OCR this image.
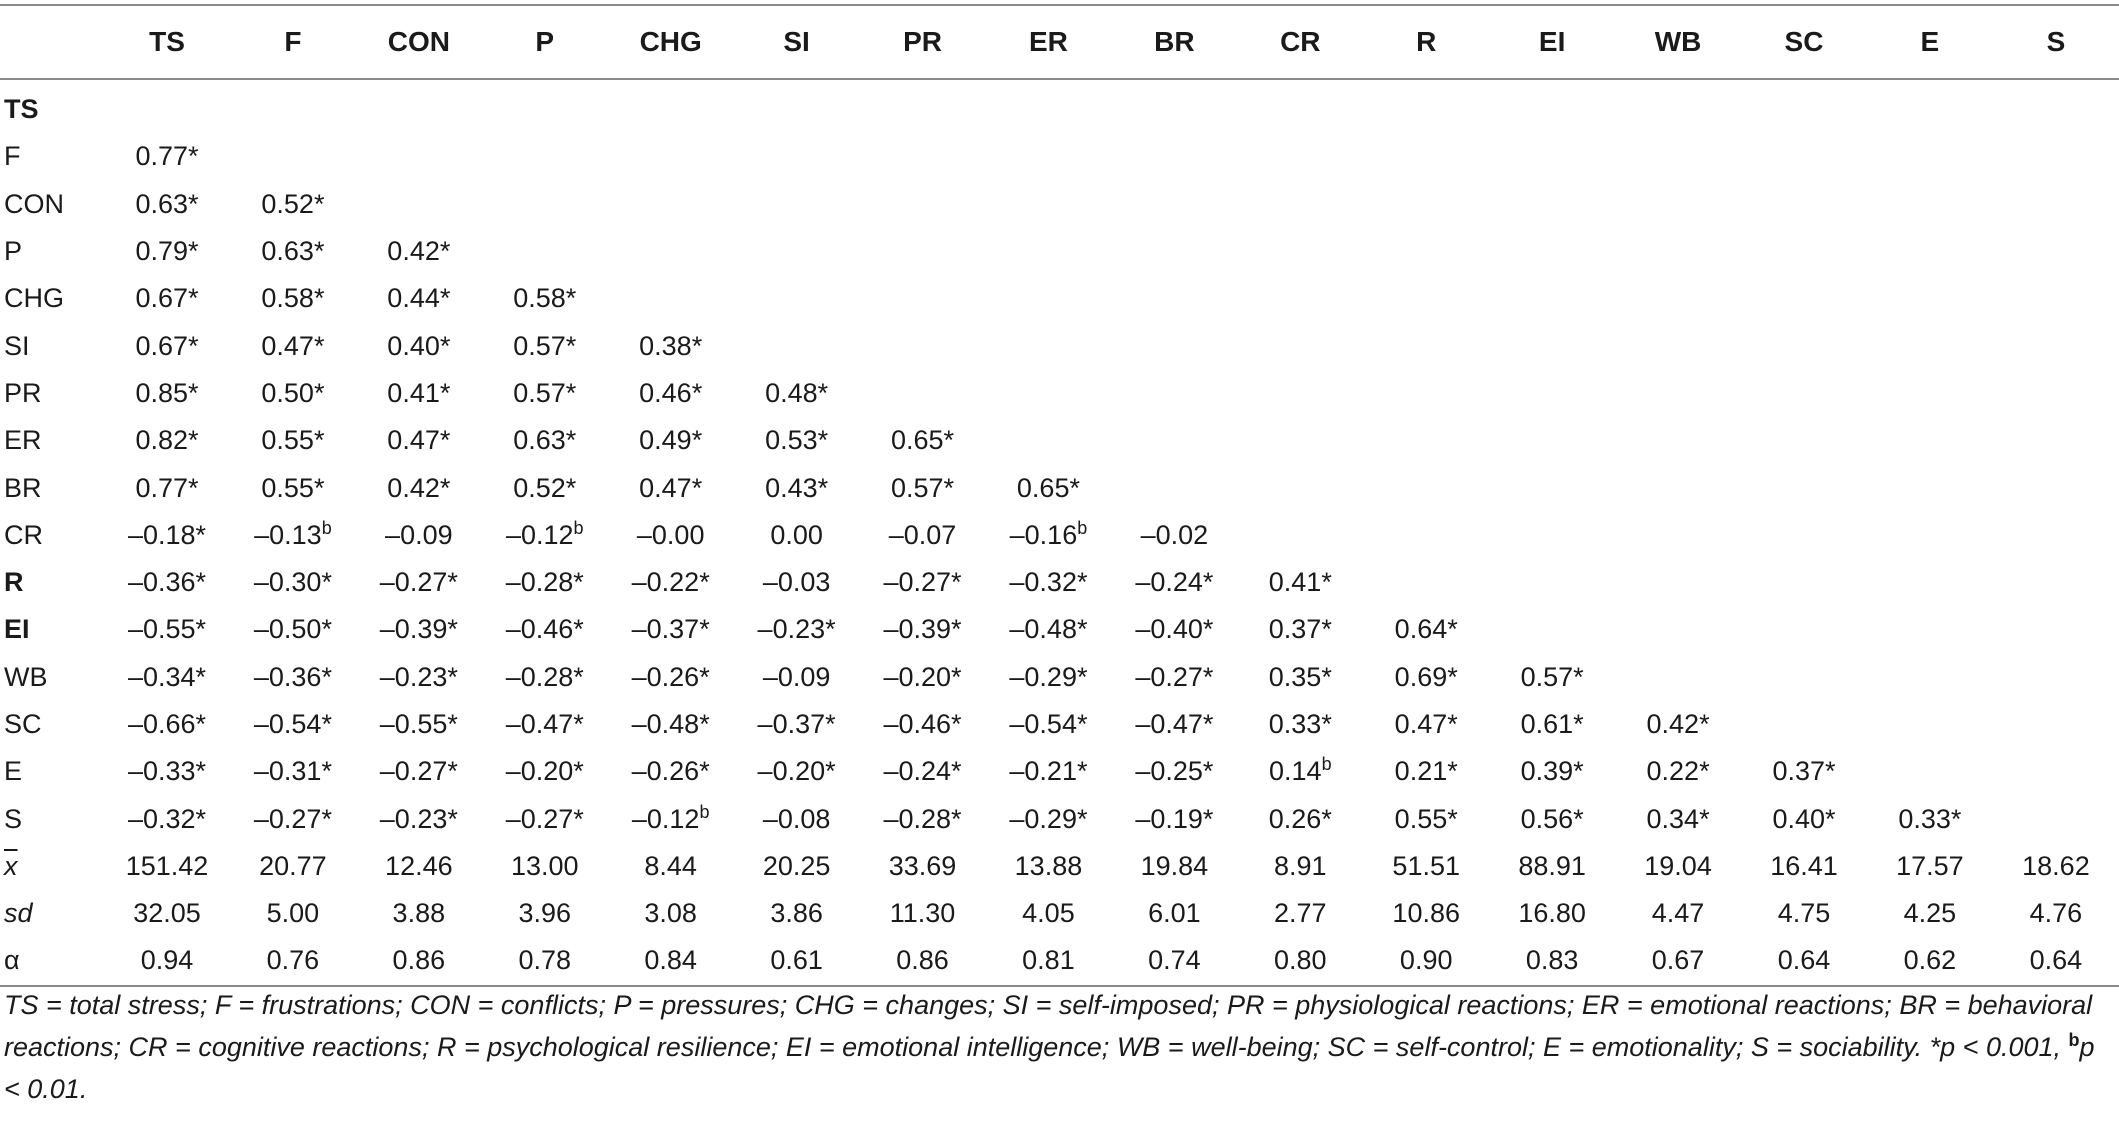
	TS	F	CON	P	CHG	SI	PR	ER	BR	CR	R	EI	WB	SC	E	S
TS																
F	0.77*															
CON	0.63*	0.52*														
P	0.79*	0.63*	0.42*													
CHG	0.67*	0.58*	0.44*	0.58*												
SI	0.67*	0.47*	0.40*	0.57*	0.38*											
PR	0.85*	0.50*	0.41*	0.57*	0.46*	0.48*										
ER	0.82*	0.55*	0.47*	0.63*	0.49*	0.53*	0.65*									
BR	0.77*	0.55*	0.42*	0.52*	0.47*	0.43*	0.57*	0.65*								
CR	–0.18*	–0.13$^b$	–0.09	–0.12$^b$	–0.00	0.00	–0.07	–0.16$^b$	–0.02							
R	–0.36*	–0.30*	–0.27*	–0.28*	–0.22*	–0.03	–0.27*	–0.32*	–0.24*	0.41*						
EI	–0.55*	–0.50*	–0.39*	–0.46*	–0.37*	–0.23*	–0.39*	–0.48*	–0.40*	0.37*	0.64*					
WB	–0.34*	–0.36*	–0.23*	–0.28*	–0.26*	–0.09	–0.20*	–0.29*	–0.27*	0.35*	0.69*	0.57*				
SC	–0.66*	–0.54*	–0.55*	–0.47*	–0.48*	–0.37*	–0.46*	–0.54*	–0.47*	0.33*	0.47*	0.61*	0.42*			
E	–0.33*	–0.31*	–0.27*	–0.20*	–0.26*	–0.20*	–0.24*	–0.21*	–0.25*	0.14$^b$	0.21*	0.39*	0.22*	0.37*		
S	–0.32*	–0.27*	–0.23*	–0.27*	–0.12$^b$	–0.08	–0.28*	–0.29*	–0.19*	0.26*	0.55*	0.56*	0.34*	0.40*	0.33*	
$\overline{x}$	151.42	20.77	12.46	13.00	8.44	20.25	33.69	13.88	19.84	8.91	51.51	88.91	19.04	16.41	17.57	18.62
sd	32.05	5.00	3.88	3.96	3.08	3.86	11.30	4.05	6.01	2.77	10.86	16.80	4.47	4.75	4.25	4.76
α	0.94	0.76	0.86	0.78	0.84	0.61	0.86	0.81	0.74	0.80	0.90	0.83	0.67	0.64	0.62	0.64
TS = total stress; F = frustrations; CON = conflicts; P = pressures; CHG = changes; SI = self-imposed; PR = physiological reactions; ER = emotional reactions; BR = behavioral reactions; CR = cognitive reactions; R = psychological resilience; EI = emotional intelligence; WB = well-being; SC = self-control; E = emotionality; S = sociability. *p < 0.001, $^b$p < 0.01.
